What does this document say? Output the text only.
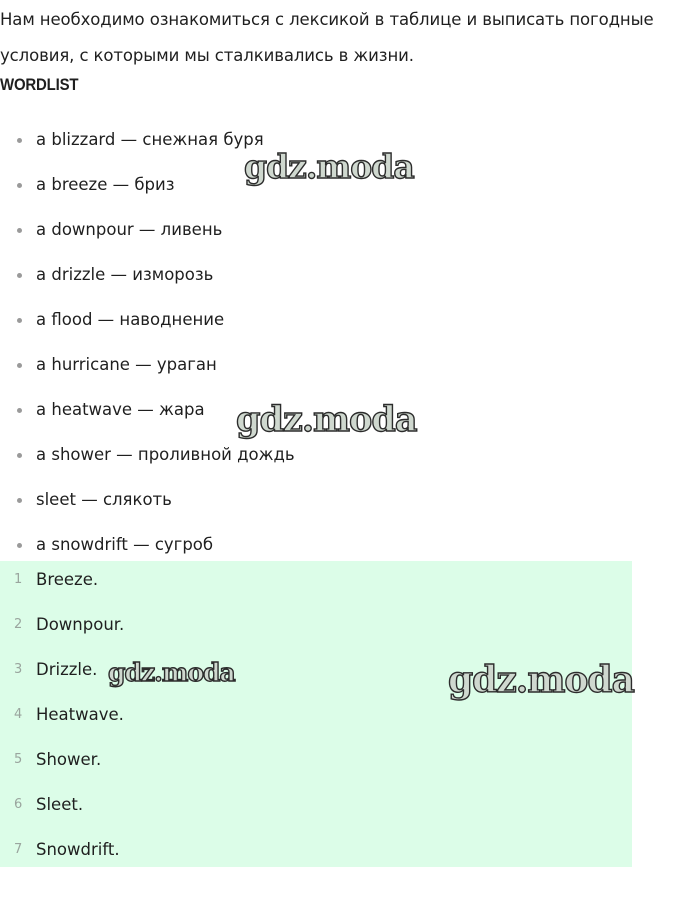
Нам необходимо ознакомиться с лексикой в таблице и выписать погодные условия, с которыми мы сталкивались в жизни.

WORDLIST
a blizzard — снежная буря
a breeze — бриз
a downpour — ливень
a drizzle — изморозь
a flood — наводнение
a hurricane — ураган
a heatwave — жара
a shower — проливной дождь
sleet — слякоть
a snowdrift — сугроб
1 Breeze.
2 Downpour.
3 Drizzle.
4 Heatwave.
5 Shower.
6 Sleet.
7 Snowdrift.
gdz.moda
gdz.moda
gdz.moda	gdz.moda
